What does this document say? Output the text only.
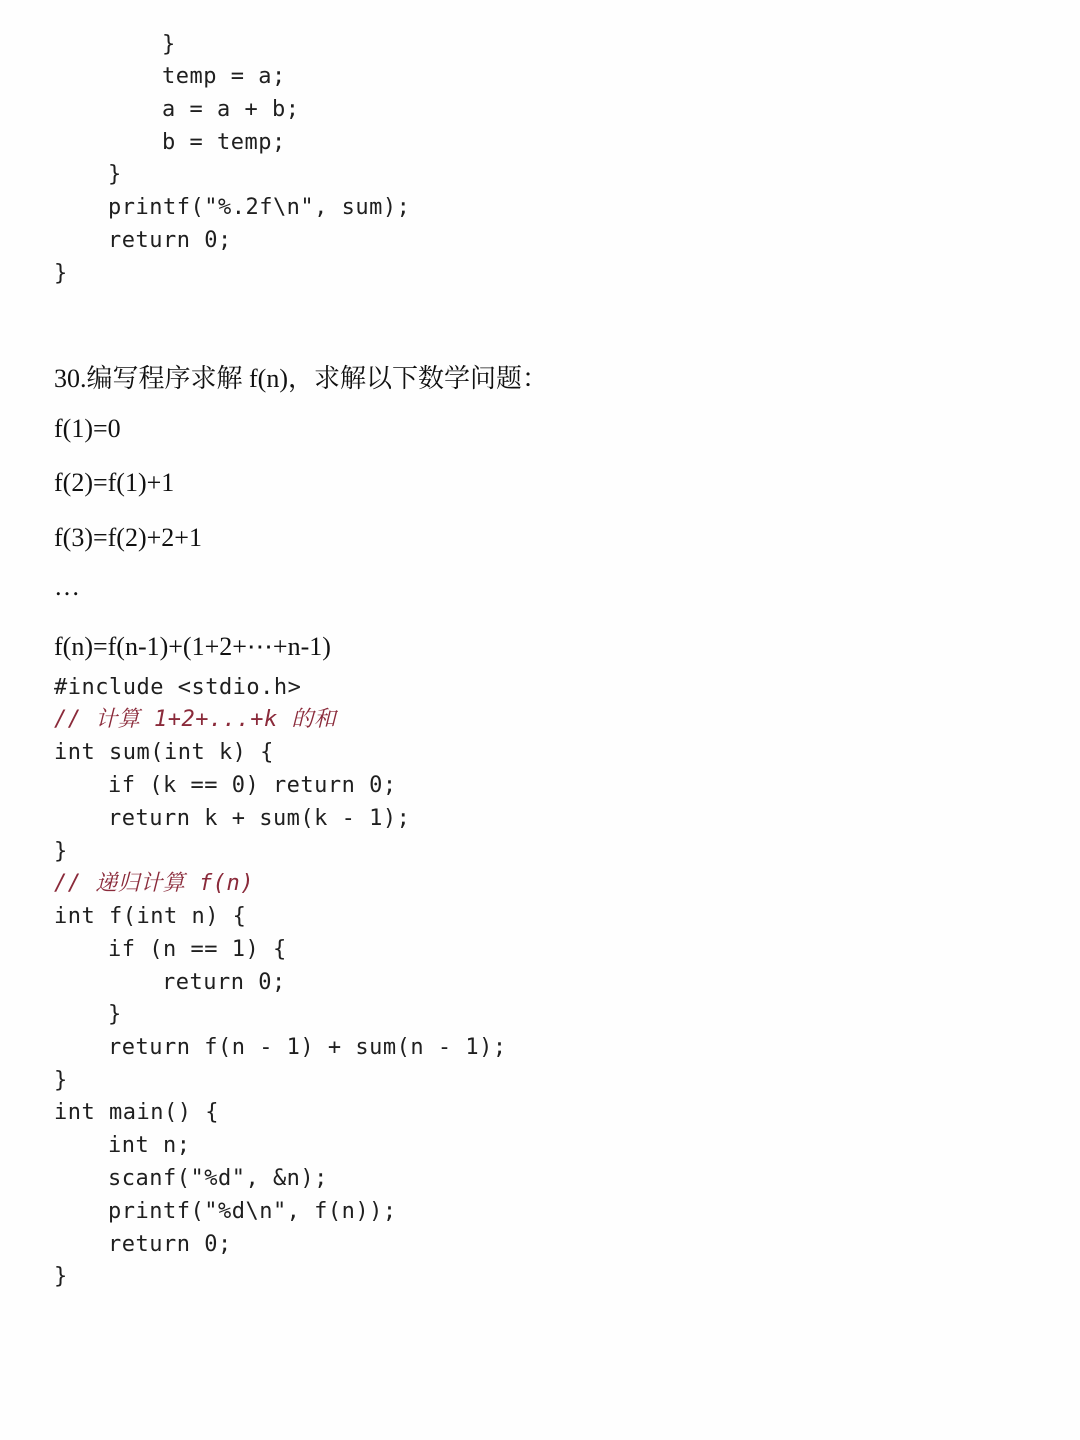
}
temp = a;
a = a + b;
b = temp;
}
printf("%.2f\n", sum);
return 0;
}
30.编写程序求解 f(n)，求解以下数学问题：
f(1)=0
f(2)=f(1)+1
f(3)=f(2)+2+1
…
f(n)=f(n-1)+(1+2+⋯+n-1)
#include <stdio.h>
// 计算 1+2+...+k 的和
int sum(int k) {
if (k == 0) return 0;
return k + sum(k - 1);
}
// 递归计算 f(n)
int f(int n) {
if (n == 1) {
return 0;
}
return f(n - 1) + sum(n - 1);
}
int main() {
int n;
scanf("%d", &n);
printf("%d\n", f(n));
return 0;
}
